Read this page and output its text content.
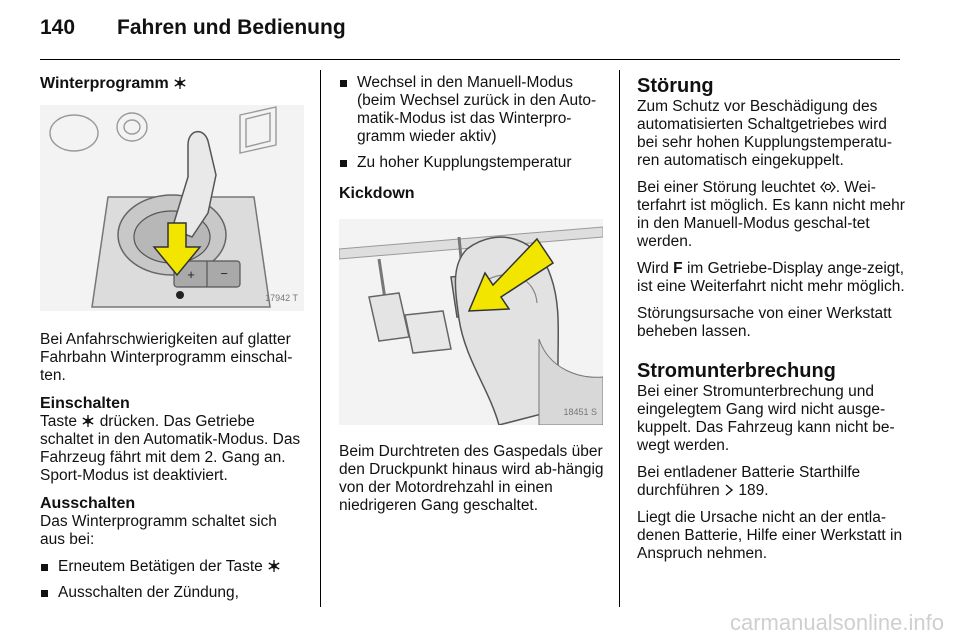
140 Fahren und Bedienung
Winterprogramm
+ −
17942 T

Bei Anfahrschwierigkeiten auf glatter Fahrbahn Winterprogramm einschal-ten.

Einschalten

Taste drücken. Das Getriebe schaltet in den Automatik-Modus. Das Fahrzeug fährt mit dem 2. Gang an. Sport-Modus ist deaktiviert.

Ausschalten

Das Winterprogramm schaltet sich aus bei:

Erneutem Betätigen der Taste
Ausschalten der Zündung,
Wechsel in den Manuell-Modus (beim Wechsel zurück in den Auto-matik-Modus ist das Winterpro-gramm wieder aktiv)
Zu hoher Kupplungstemperatur
Kickdown
18451 S

Beim Durchtreten des Gaspedals über den Druckpunkt hinaus wird ab-hängig von der Motordrehzahl in einen niedrigeren Gang geschaltet.

Störung

Zum Schutz vor Beschädigung des automatisierten Schaltgetriebes wird bei sehr hohen Kupplungstemperatu-ren automatisch eingekuppelt.

Bei einer Störung leuchtet . Wei-terfahrt ist möglich. Es kann nicht mehr in den Manuell-Modus geschal-tet werden.

Wird F im Getriebe-Display ange-zeigt, ist eine Weiterfahrt nicht mehr möglich.

Störungsursache von einer Werkstatt beheben lassen.

Stromunterbrechung

Bei einer Stromunterbrechung und eingelegtem Gang wird nicht ausge-kuppelt. Das Fahrzeug kann nicht be-wegt werden.

Bei entladener Batterie Starthilfe durchführen 189.

Liegt die Ursache nicht an der entla-denen Batterie, Hilfe einer Werkstatt in Anspruch nehmen.

carmanualsonline.info
